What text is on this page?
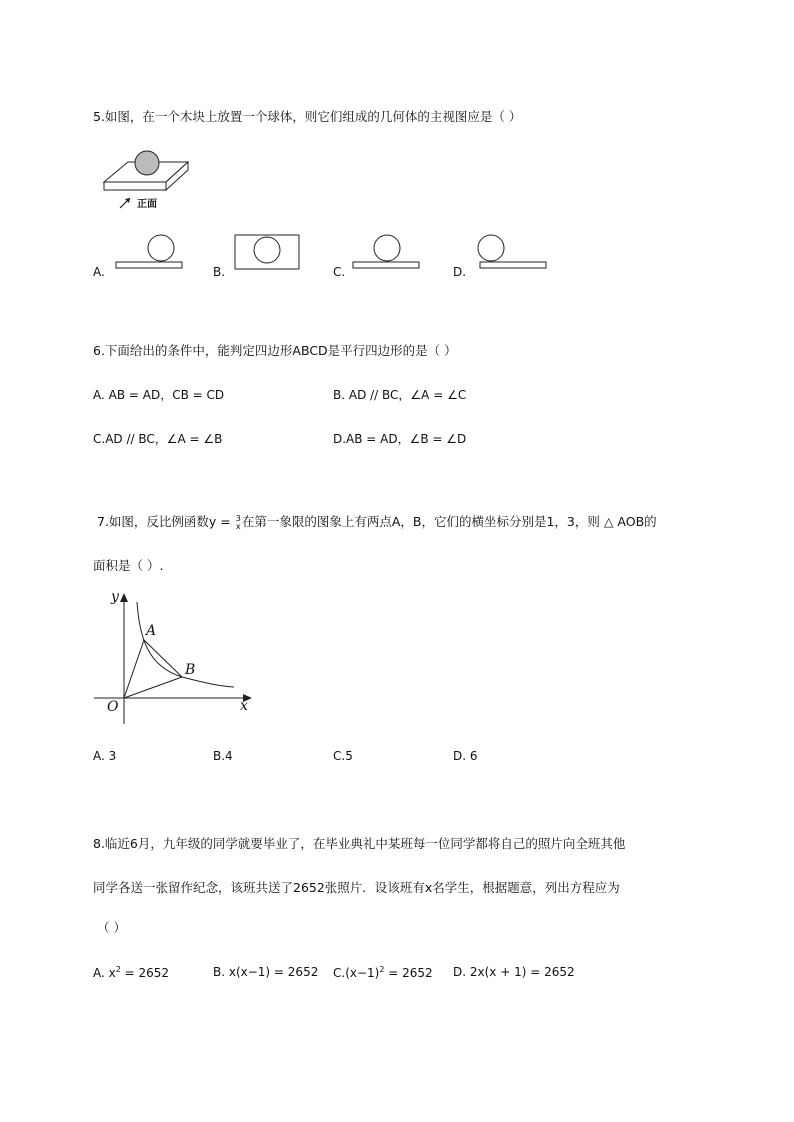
5.如图，在一个木块上放置一个球体，则它们组成的几何体的主视图应是（ ）
正面
A.	B.	C.	D.
6.下面给出的条件中，能判定四边形ABCD是平行四边形的是（ ）
A. AB = AD，CB = CD	B. AD // BC，∠A = ∠C
C.AD // BC，∠A = ∠B	D.AB = AD，∠B = ∠D
7.如图，反比例函数y = 3
x 在第一象限的图象上有两点A，B，它们的横坐标分别是1，3，则 △ AOB的
面积是（ ）.
y
x
O
A
B
A. 3	B.4	C.5	D. 6
8.临近6月，九年级的同学就要毕业了，在毕业典礼中某班每一位同学都将自己的照片向全班其他
同学各送一张留作纪念，该班共送了2652张照片．设该班有x名学生，根据题意，列出方程应为
（ ）
A. $x^2 = 2652$	B. x(x−1) = 2652 $C.(x-1)^2 = 2652$ D. 2x(x + 1) = 2652
